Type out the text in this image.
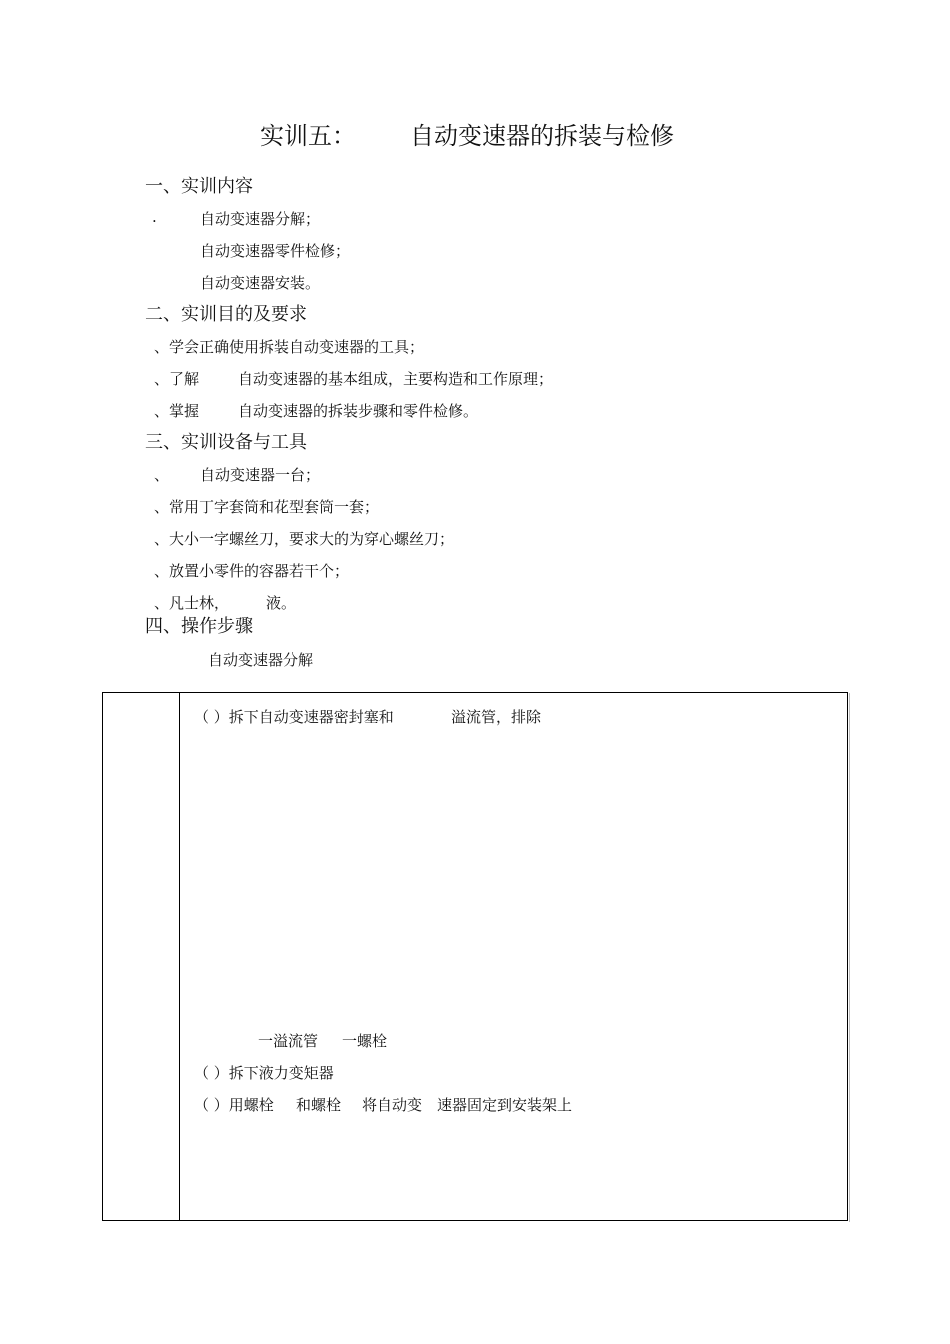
实训五： 自动变速器的拆装与检修
一、实训内容
.	自动变速器分解；
自动变速器零件检修；
自动变速器安装。
二、实训目的及要求
、学会正确使用拆装自动变速器的工具；
、了解	自动变速器的基本组成，主要构造和工作原理；
、掌握	自动变速器的拆装步骤和零件检修。
三、实训设备与工具
、 自动变速器一台；
、常用丁字套筒和花型套筒一套；
、大小一字螺丝刀，要求大的为穿心螺丝刀；
、放置小零件的容器若干个；
、凡士林， 液。
四、操作步骤
自动变速器分解
（ ）拆下自动变速器密封塞和	溢流管，排除
一溢流管 一螺栓
（ ）拆下液力变矩器
（ ）用螺栓 和螺栓 将自动变 速器固定到安装架上
